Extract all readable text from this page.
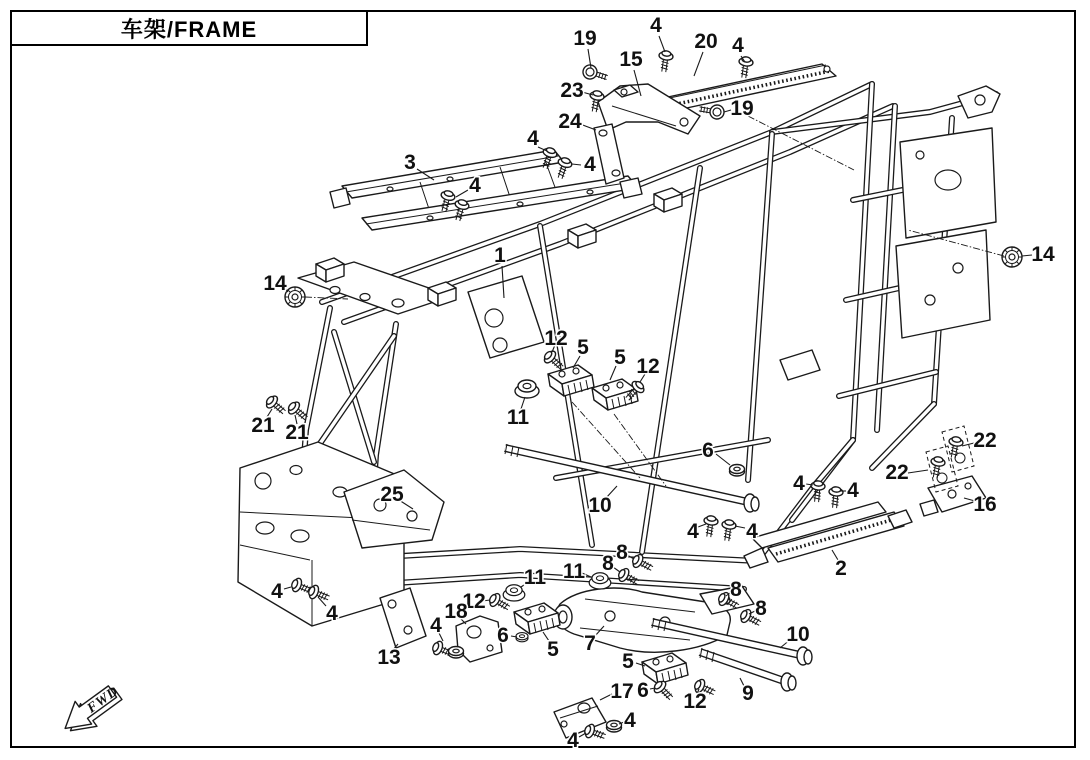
车架/FRAME
FWD
19
4
20 4
15
23
19
24
4
3	4
4
1
14
14
12 5 5 12
11
21 21
6	22
22
25	4 4
10	16
4 4
8
8	2
11
11
8
4	12	8
18
4
4	10
6	7
5
13	5
17 6 12 9
4
4
